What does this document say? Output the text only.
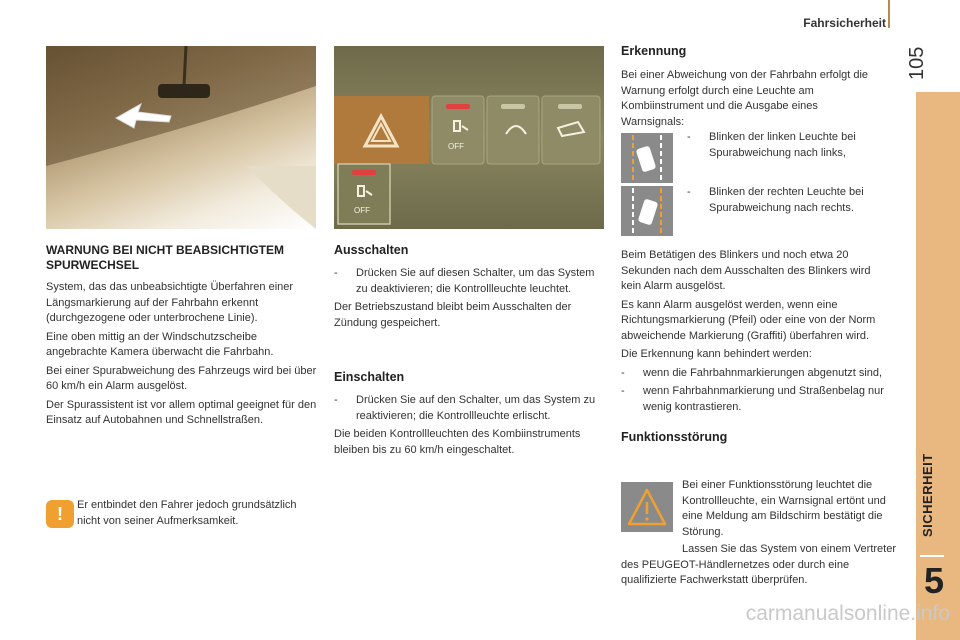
Fahrsicherheit
105
SICHERHEIT
5
OFF
OFF
WARNUNG BEI NICHT BEABSICHTIGTEM SPURWECHSEL

System, das das unbeabsichtigte Überfahren einer Längsmarkierung auf der Fahrbahn erkennt (durchgezogene oder unterbrochene Linie).

Eine oben mittig an der Windschutzscheibe angebrachte Kamera überwacht die Fahrbahn.

Bei einer Spurabweichung des Fahrzeugs wird bei über 60 km/h ein Alarm ausgelöst.

Der Spurassistent ist vor allem optimal geeignet für den Einsatz auf Autobahnen und Schnellstraßen.

! Er entbindet den Fahrer jedoch grundsätzlich nicht von seiner Aufmerksamkeit.

Ausschalten
-	Drücken Sie auf diesen Schalter, um das System zu deaktivieren; die Kontrollleuchte leuchtet.

Der Betriebszustand bleibt beim Ausschalten der Zündung gespeichert.

Einschalten
-	Drücken Sie auf den Schalter, um das System zu reaktivieren; die Kontrollleuchte erlischt.

Die beiden Kontrollleuchten des Kombiinstruments bleiben bis zu 60 km/h eingeschaltet.

Erkennung

Bei einer Abweichung von der Fahrbahn erfolgt die Warnung erfolgt durch eine Leuchte am Kombiinstrument und die Ausgabe eines Warnsignals:

-	Blinken der linken Leuchte bei Spurabweichung nach links,
-	Blinken der rechten Leuchte bei Spurabweichung nach rechts.

Beim Betätigen des Blinkers und noch etwa 20 Sekunden nach dem Ausschalten des Blinkers wird kein Alarm ausgelöst.

Es kann Alarm ausgelöst werden, wenn eine Richtungsmarkierung (Pfeil) oder eine von der Norm abweichende Markierung (Graffiti) überfahren wird.

Die Erkennung kann behindert werden:

-	wenn die Fahrbahnmarkierungen abgenutzt sind,
-	wenn Fahrbahnmarkierung und Straßenbelag nur wenig kontrastieren.
Funktionsstörung

Bei einer Funktionsstörung leuchtet die Kontrollleuchte, ein Warnsignal ertönt und eine Meldung am Bildschirm bestätigt die Störung.

Lassen Sie das System von einem Vertreter des PEUGEOT-Händlernetzes oder durch eine qualifizierte Fachwerkstatt überprüfen.

carmanualsonline.info
